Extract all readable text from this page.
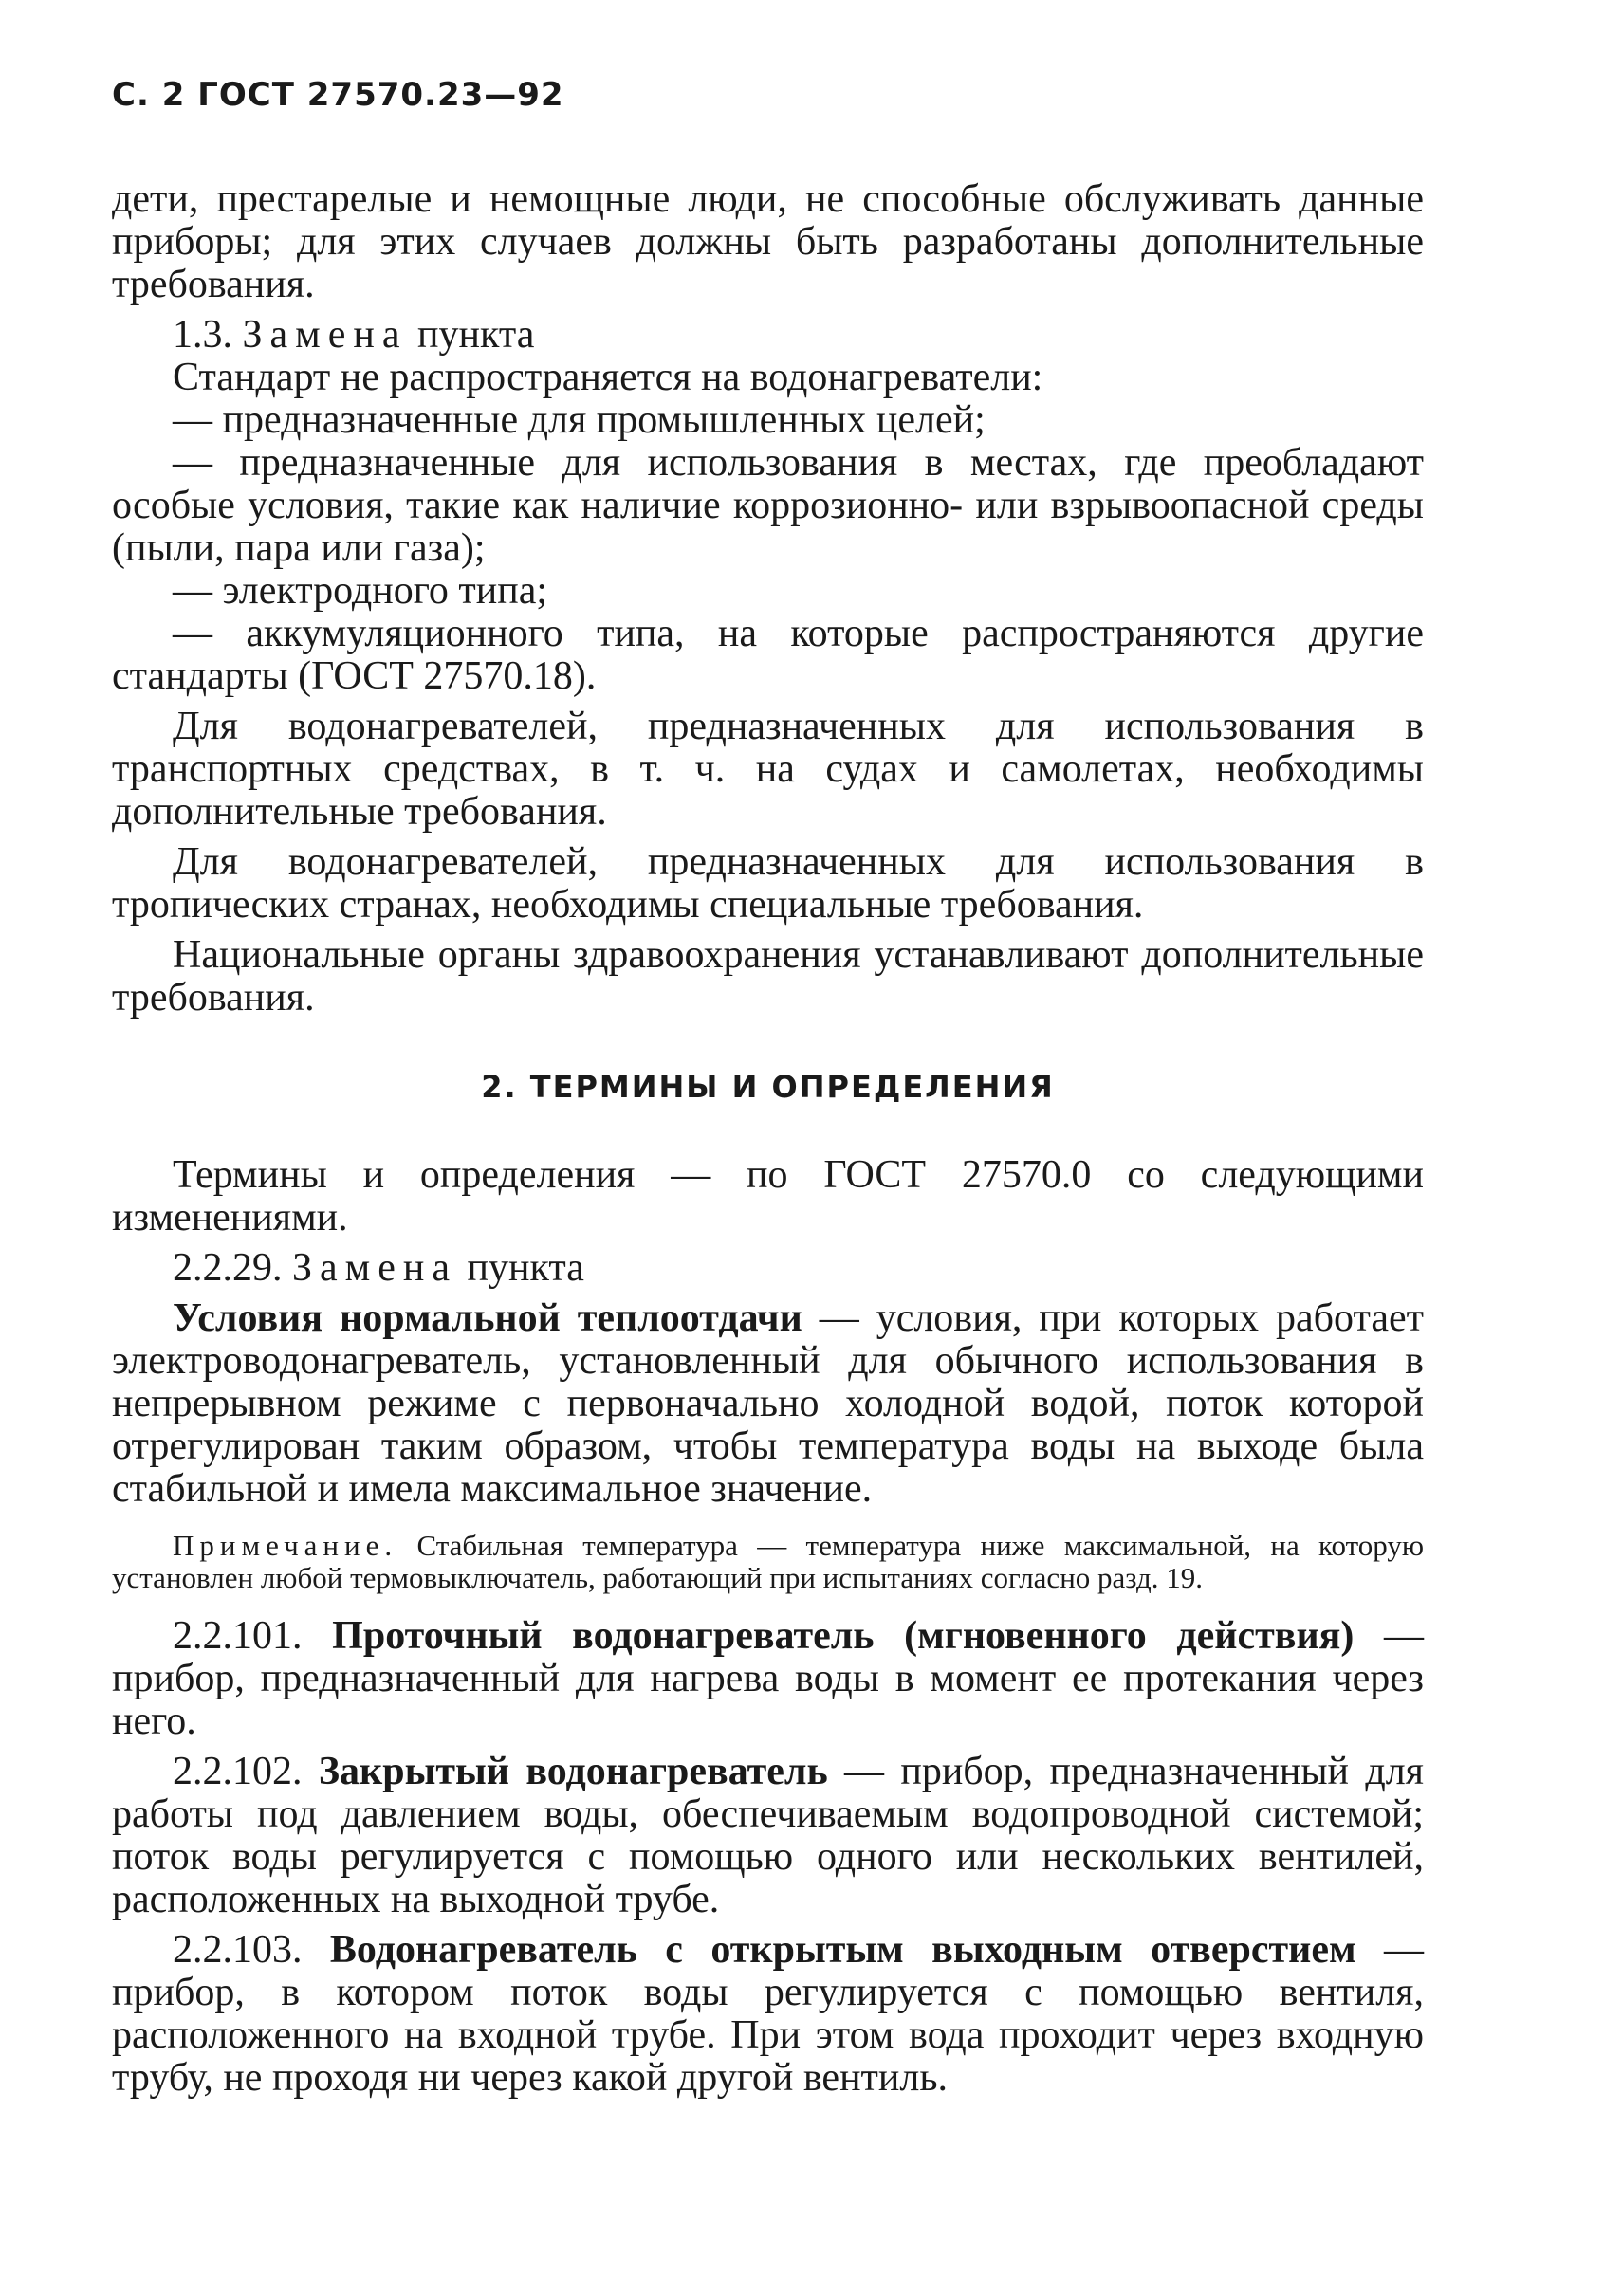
С. 2 ГОСТ 27570.23—92

дети, престарелые и немощные люди, не способные обслуживать данные приборы; для этих случаев должны быть разработаны дополнительные требования.

1.3. Замена пункта

Стандарт не распространяется на водонагреватели:

— предназначенные для промышленных целей;

— предназначенные для использования в местах, где преобладают особые условия, такие как наличие коррозионно- или взрывоопасной среды (пыли, пара или газа);

— электродного типа;

— аккумуляционного типа, на которые распространяются другие стандарты (ГОСТ 27570.18).

Для водонагревателей, предназначенных для использования в транспортных средствах, в т. ч. на судах и самолетах, необходимы дополнительные требования.

Для водонагревателей, предназначенных для использования в тропических странах, необходимы специальные требования.

Национальные органы здравоохранения устанавливают дополнительные требования.

2. ТЕРМИНЫ И ОПРЕДЕЛЕНИЯ

Термины и определения — по ГОСТ 27570.0 со следующими изменениями.

2.2.29. Замена пункта

Условия нормальной теплоотдачи — условия, при которых работает электроводонагреватель, установленный для обычного использования в непрерывном режиме с первоначально холодной водой, поток которой отрегулирован таким образом, чтобы температура воды на выходе была стабильной и имела максимальное значение.

Примечание. Стабильная температура — температура ниже максимальной, на которую установлен любой термовыключатель, работающий при испытаниях согласно разд. 19.

2.2.101. Проточный водонагреватель (мгновенного действия) — прибор, предназначенный для нагрева воды в момент ее протекания через него.

2.2.102. Закрытый водонагреватель — прибор, предназначенный для работы под давлением воды, обеспечиваемым водопроводной системой; поток воды регулируется с помощью одного или нескольких вентилей, расположенных на выходной трубе.

2.2.103. Водонагреватель с открытым выходным отверстием — прибор, в котором поток воды регулируется с помощью вентиля, расположенного на входной трубе. При этом вода проходит через входную трубу, не проходя ни через какой другой вентиль.
